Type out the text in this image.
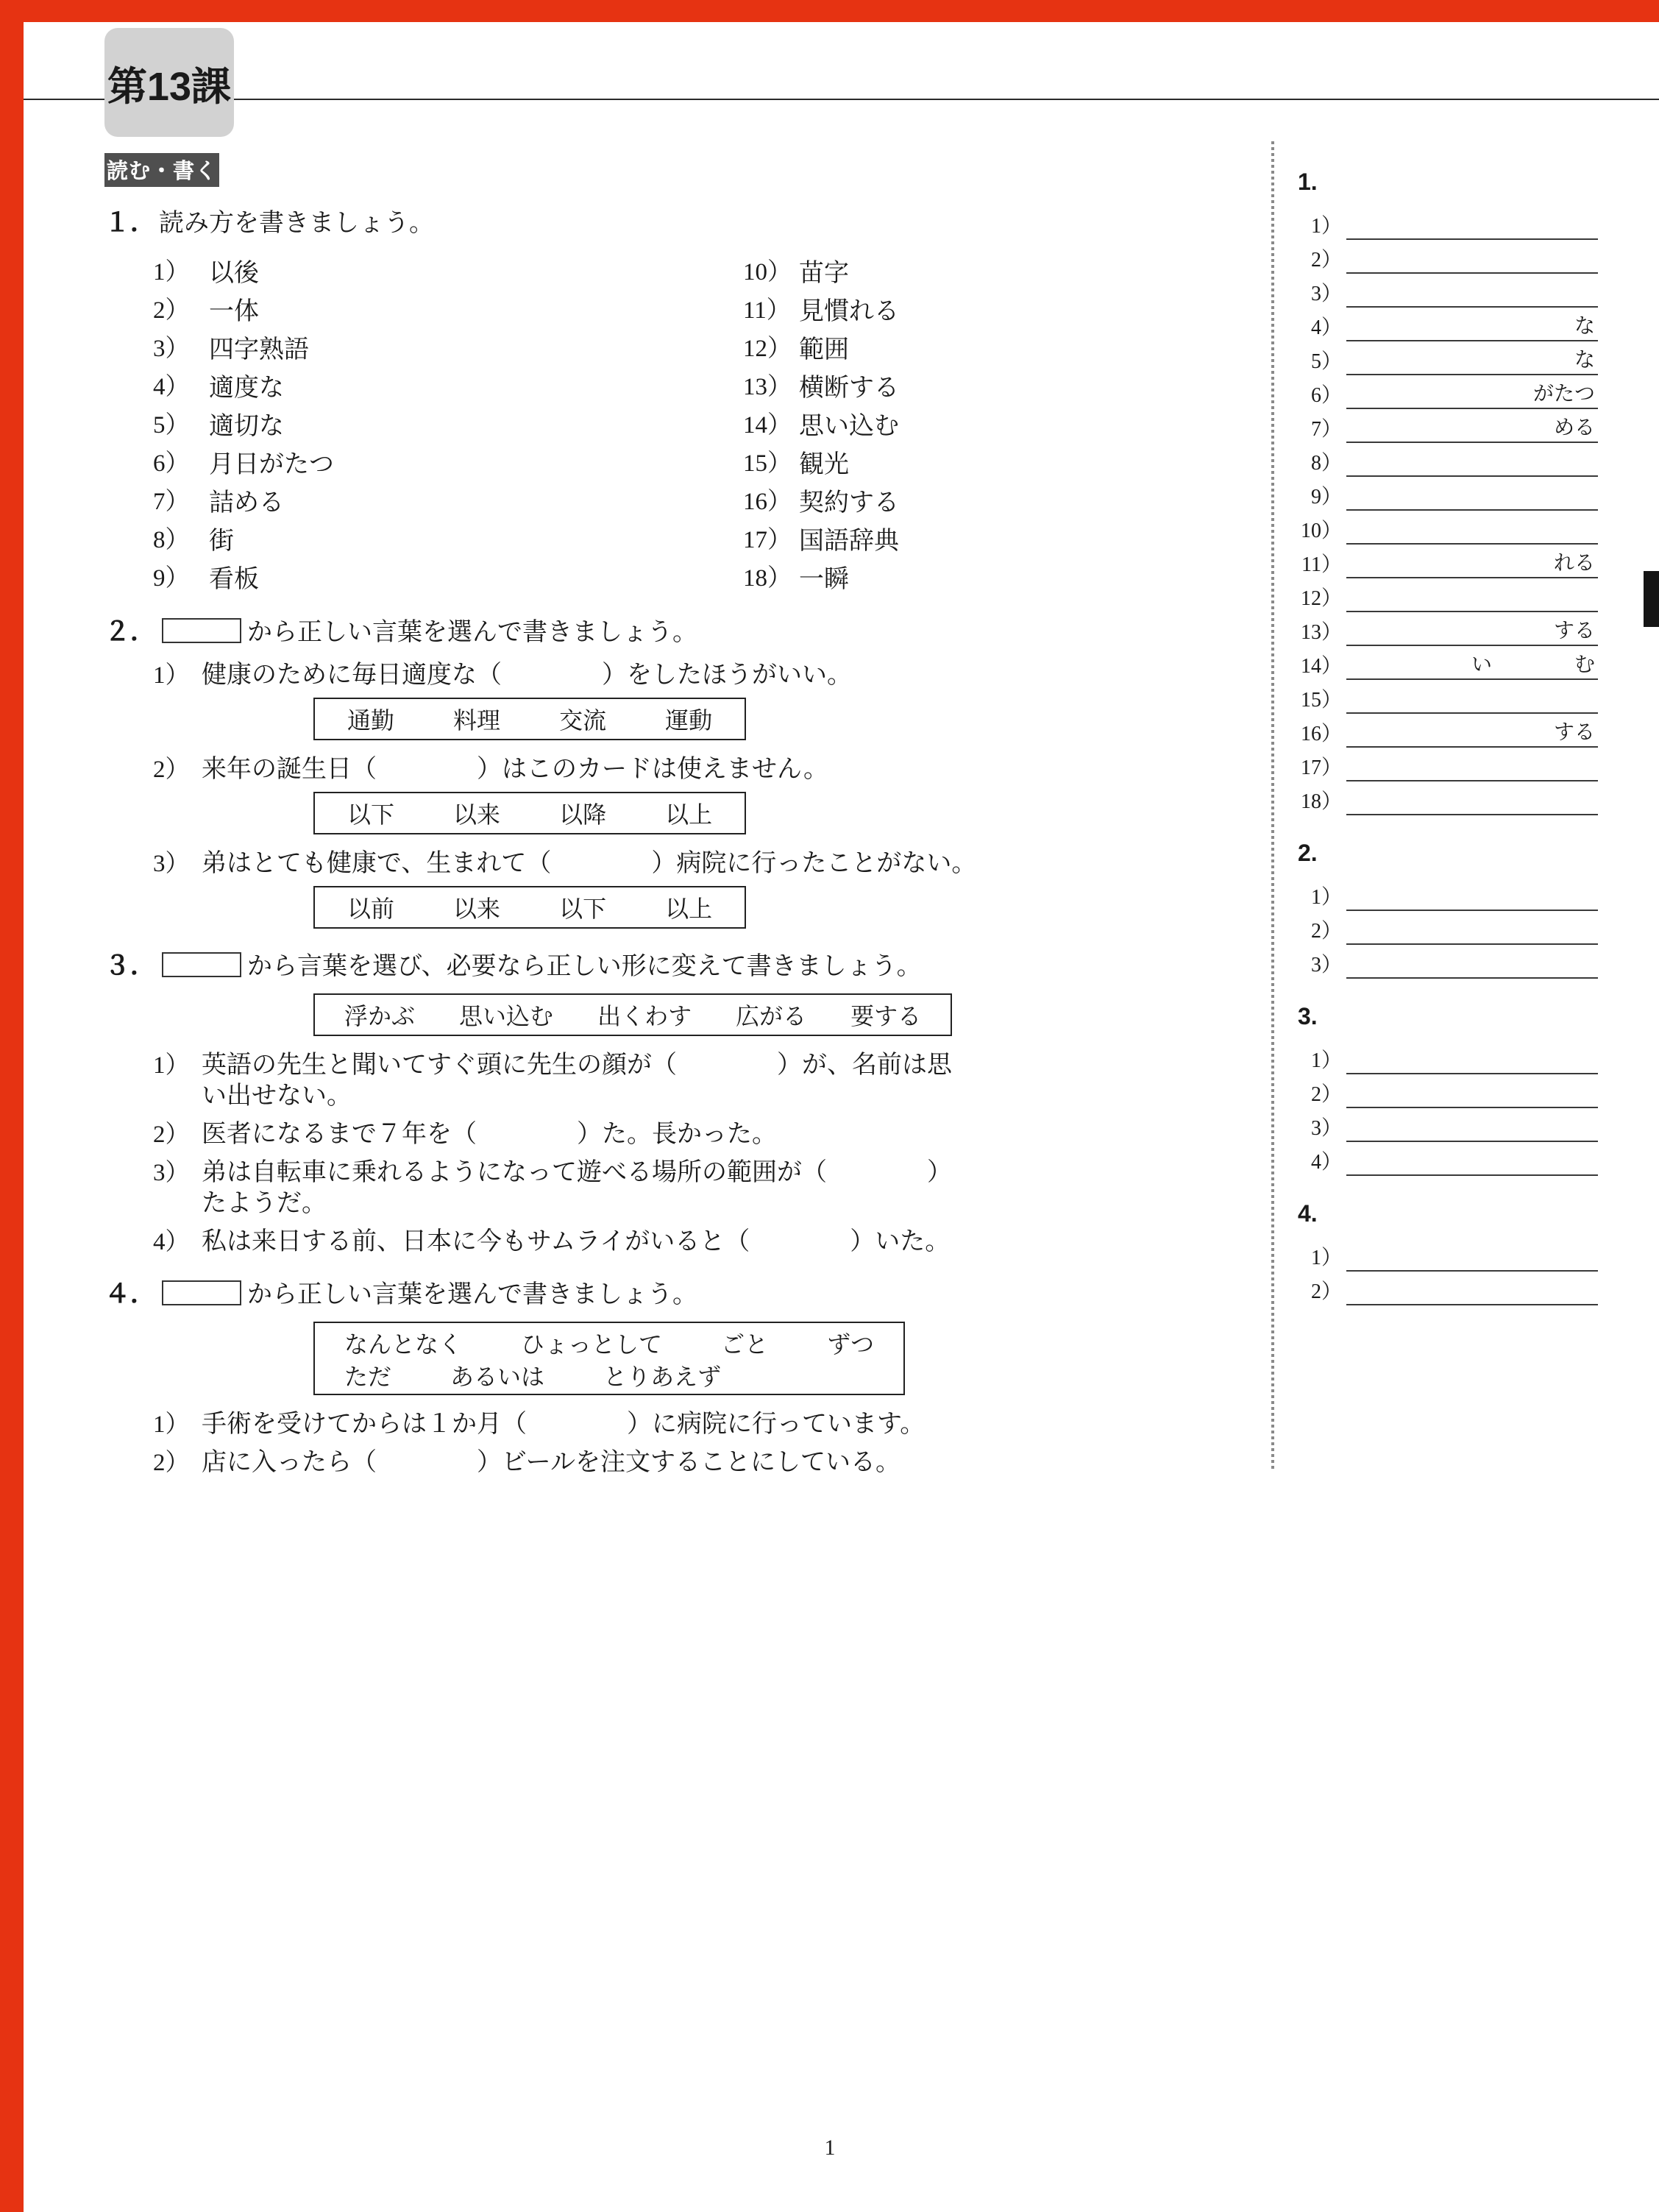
第13課
読む・書く
１． 読み方を書きましょう。
1）	以後
2）	一体
3）	四字熟語
4）	適度な
5）	適切な
6）	月日がたつ
7）	詰める
8）	街
9）	看板
10） 苗字
11） 見慣れる
12） 範囲
13） 横断する
14） 思い込む
15） 観光
16） 契約する
17） 国語辞典
18） 一瞬
２．	から正しい言葉を選んで書きましょう。
1） 健康のために毎日適度な（　　　　）をしたほうがいい。
通勤	料理	交流	運動
2） 来年の誕生日（　　　　）はこのカードは使えません。
以下	以来	以降	以上
3） 弟はとても健康で、生まれて（　　　　）病院に行ったことがない。
以前	以来	以下	以上
３．	から言葉を選び、必要なら正しい形に変えて書きましょう。
浮かぶ	思い込む	出くわす	広がる	要する
1） 英語の先生と聞いてすぐ頭に先生の顔が（　　　　）が、名前は思
い出せない。
2） 医者になるまで７年を（　　　　）た。長かった。
3） 弟は自転車に乗れるようになって遊べる場所の範囲が（　　　　）
たようだ。
4） 私は来日する前、日本に今もサムライがいると（　　　　）いた。
４．	から正しい言葉を選んで書きましょう。
なんとなく	ひょっとして	ごと	ずつ
ただ	あるいは	とりあえず
1） 手術を受けてからは１か月（　　　　）に病院に行っています。
2） 店に入ったら（　　　　）ビールを注文することにしている。
1.
1）
2）
3）
4）	な
5）	な
6）	がたつ
7）	める
8）
9）
10）
11）	れる
12）
13）	する
14）	い　　　　む
15）
16）	する
17）
18）
2.
1）
2）
3）
3.
1）
2）
3）
4）
4.
1）
2）
1
